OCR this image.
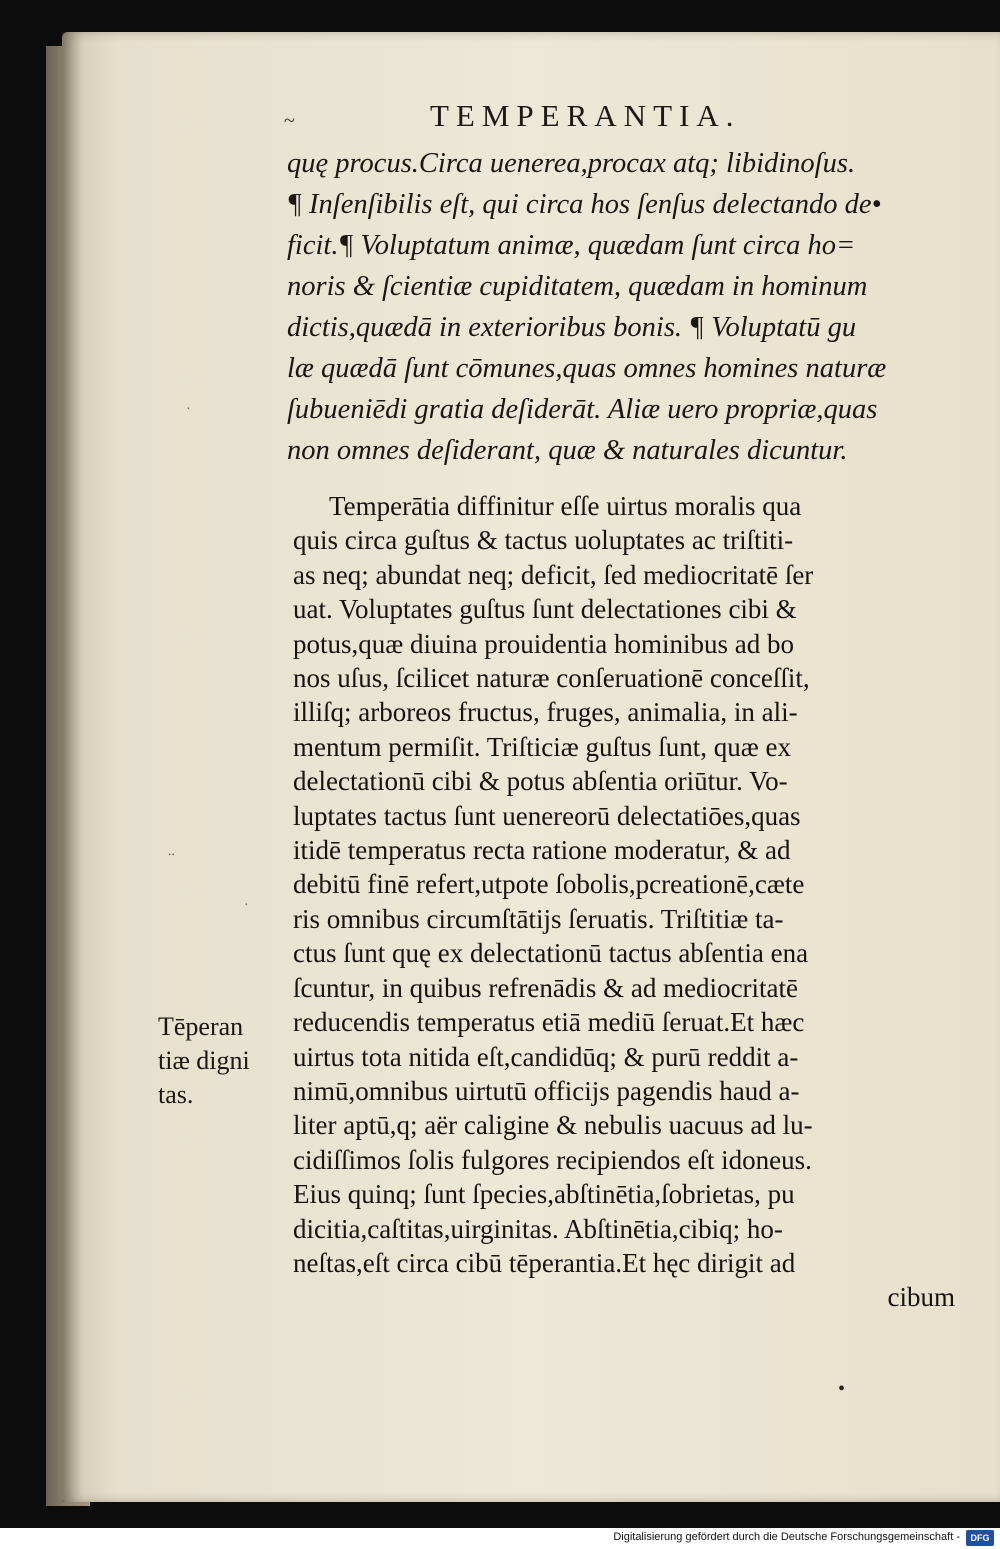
~	TEMPERANTIA.
quę procus.Circa uenerea,procax atq; libidinoſus.
¶ Inſenſibilis eſt, qui circa hos ſenſus delectando de•
ficit.¶ Voluptatum animæ, quædam ſunt circa ho=
noris & ſcientiæ cupiditatem, quædam in hominum
dictis,quædā in exterioribus bonis. ¶ Voluptatū gu
læ quædā ſunt cōmunes,quas omnes homines naturæ
ſubueniēdi gratia deſiderāt. Aliæ uero propriæ,quas
non omnes deſiderant, quæ & naturales dicuntur.
Temperātia diffinitur eſſe uirtus moralis qua
quis circa guſtus & tactus uoluptates ac triſtiti-
as neq; abundat neq; deficit, ſed mediocritatē ſer
uat. Voluptates guſtus ſunt delectationes cibi &
potus,quæ diuina prouidentia hominibus ad bo
nos uſus, ſcilicet naturæ conſeruationē conceſſit,
illiſq; arboreos fructus, fruges, animalia, in ali-
mentum permiſit. Triſticiæ guſtus ſunt, quæ ex
delectationū cibi & potus abſentia oriūtur. Vo-
luptates tactus ſunt uenereorū delectatiōes,quas
itidē temperatus recta ratione moderatur, & ad
debitū finē refert,utpote ſobolis,pcreationē,cæte
ris omnibus circumſtātijs ſeruatis. Triſtitiæ ta-
ctus ſunt quę ex delectationū tactus abſentia ena
ſcuntur, in quibus refrenādis & ad mediocritatē
reducendis temperatus etiā mediū ſeruat.Et hæc
uirtus tota nitida eſt,candidūq; & purū reddit a-
nimū,omnibus uirtutū officijs pagendis haud a-
liter aptū,q; aër caligine & nebulis uacuus ad lu-
cidiſſimos ſolis fulgores recipiendos eſt idoneus.
Eius quinq; ſunt ſpecies,abſtinētia,ſobrietas, pu
dicitia,caſtitas,uirginitas. Abſtinētia,cibiq; ho-
neſtas,eſt circa cibū tēperantia.Et hęc dirigit ad
cibum
Tēperan
tiæ digni
tas.
∙∙
·
·
•
Digitalisierung gefördert durch die Deutsche Forschungsgemeinschaft -	DFG
